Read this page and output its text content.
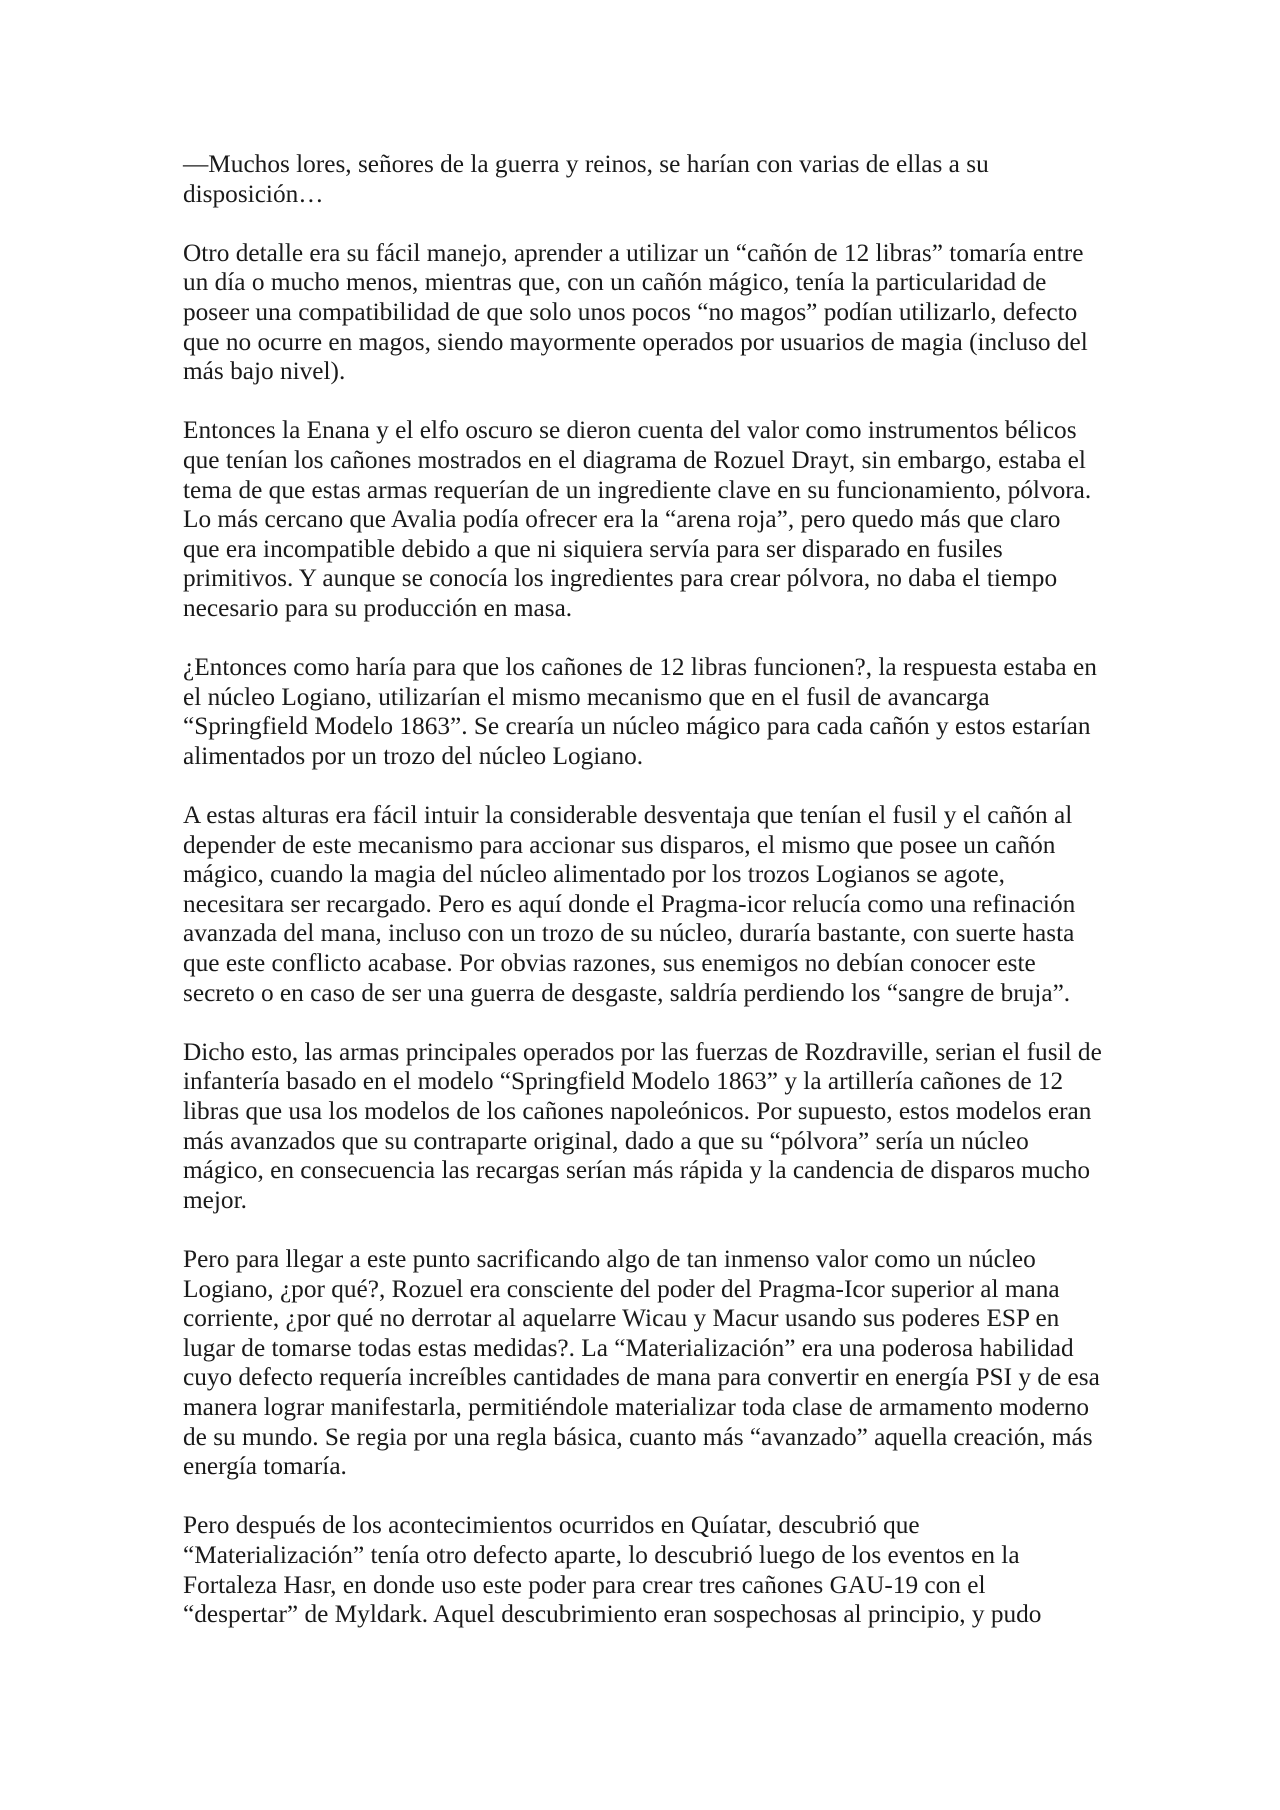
—Muchos lores, señores de la guerra y reinos, se harían con varias de ellas a su disposición…

Otro detalle era su fácil manejo, aprender a utilizar un “cañón de 12 libras” tomaría entre un día o mucho menos, mientras que, con un cañón mágico, tenía la particularidad de poseer una compatibilidad de que solo unos pocos “no magos” podían utilizarlo, defecto que no ocurre en magos, siendo mayormente operados por usuarios de magia (incluso del más bajo nivel).

Entonces la Enana y el elfo oscuro se dieron cuenta del valor como instrumentos bélicos que tenían los cañones mostrados en el diagrama de Rozuel Drayt, sin embargo, estaba el tema de que estas armas requerían de un ingrediente clave en su funcionamiento, pólvora. Lo más cercano que Avalia podía ofrecer era la “arena roja”, pero quedo más que claro que era incompatible debido a que ni siquiera servía para ser disparado en fusiles primitivos. Y aunque se conocía los ingredientes para crear pólvora, no daba el tiempo necesario para su producción en masa.

¿Entonces como haría para que los cañones de 12 libras funcionen?, la respuesta estaba en el núcleo Logiano, utilizarían el mismo mecanismo que en el fusil de avancarga “Springfield Modelo 1863”. Se crearía un núcleo mágico para cada cañón y estos estarían alimentados por un trozo del núcleo Logiano.

A estas alturas era fácil intuir la considerable desventaja que tenían el fusil y el cañón al depender de este mecanismo para accionar sus disparos, el mismo que posee un cañón mágico, cuando la magia del núcleo alimentado por los trozos Logianos se agote, necesitara ser recargado. Pero es aquí donde el Pragma-icor relucía como una refinación avanzada del mana, incluso con un trozo de su núcleo, duraría bastante, con suerte hasta que este conflicto acabase. Por obvias razones, sus enemigos no debían conocer este secreto o en caso de ser una guerra de desgaste, saldría perdiendo los “sangre de bruja”.

Dicho esto, las armas principales operados por las fuerzas de Rozdraville, serian el fusil de infantería basado en el modelo “Springfield Modelo 1863” y la artillería cañones de 12 libras que usa los modelos de los cañones napoleónicos. Por supuesto, estos modelos eran más avanzados que su contraparte original, dado a que su “pólvora” sería un núcleo mágico, en consecuencia las recargas serían más rápida y la candencia de disparos mucho mejor.

Pero para llegar a este punto sacrificando algo de tan inmenso valor como un núcleo Logiano, ¿por qué?, Rozuel era consciente del poder del Pragma-Icor superior al mana corriente, ¿por qué no derrotar al aquelarre Wicau y Macur usando sus poderes ESP en lugar de tomarse todas estas medidas?. La “Materialización” era una poderosa habilidad cuyo defecto requería increíbles cantidades de mana para convertir en energía PSI y de esa manera lograr manifestarla, permitiéndole materializar toda clase de armamento moderno de su mundo. Se regia por una regla básica, cuanto más “avanzado” aquella creación, más energía tomaría.

Pero después de los acontecimientos ocurridos en Quíatar, descubrió que “Materialización” tenía otro defecto aparte, lo descubrió luego de los eventos en la Fortaleza Hasr, en donde uso este poder para crear tres cañones GAU-19 con el “despertar” de Myldark. Aquel descubrimiento eran sospechosas al principio, y pudo
